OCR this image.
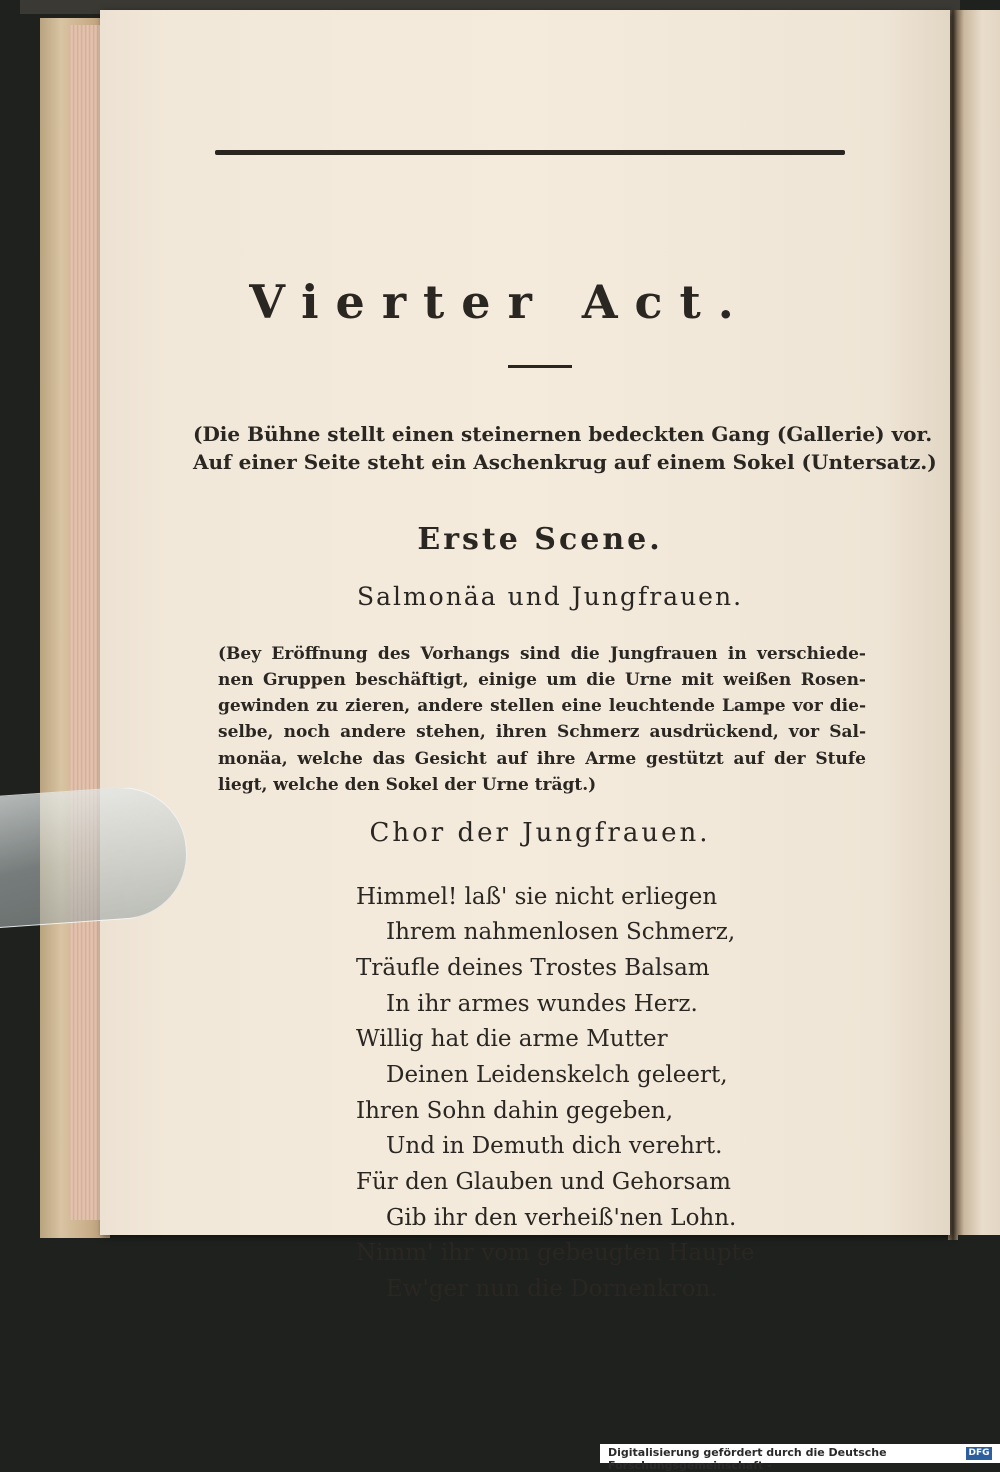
Vierter Act.
(Die Bühne stellt einen steinernen bedeckten Gang (Gallerie) vor.
Auf einer Seite steht ein Aschenkrug auf einem Sokel (Untersatz.)
Erste Scene.
Salmonäa und Jungfrauen.
(Bey Eröffnung des Vorhangs sind die Jungfrauen in verschiede-
nen Gruppen beschäftigt, einige um die Urne mit weißen Rosen-
gewinden zu zieren, andere stellen eine leuchtende Lampe vor die-
selbe, noch andere stehen, ihren Schmerz ausdrückend, vor Sal-
monäa, welche das Gesicht auf ihre Arme gestützt auf der Stufe
liegt, welche den Sokel der Urne trägt.)
Chor der Jungfrauen.
Himmel! laß' sie nicht erliegen
Ihrem nahmenlosen Schmerz,
Träufle deines Trostes Balsam
In ihr armes wundes Herz.
Willig hat die arme Mutter
Deinen Leidenskelch geleert,
Ihren Sohn dahin gegeben,
Und in Demuth dich verehrt.
Für den Glauben und Gehorsam
Gib ihr den verheiß'nen Lohn.
Nimm' ihr vom gebeugten Haupte
Ew'ger nun die Dornenkron.
Digitalisierung gefördert durch die Deutsche Forschungsgemeinschaft -
DFG
